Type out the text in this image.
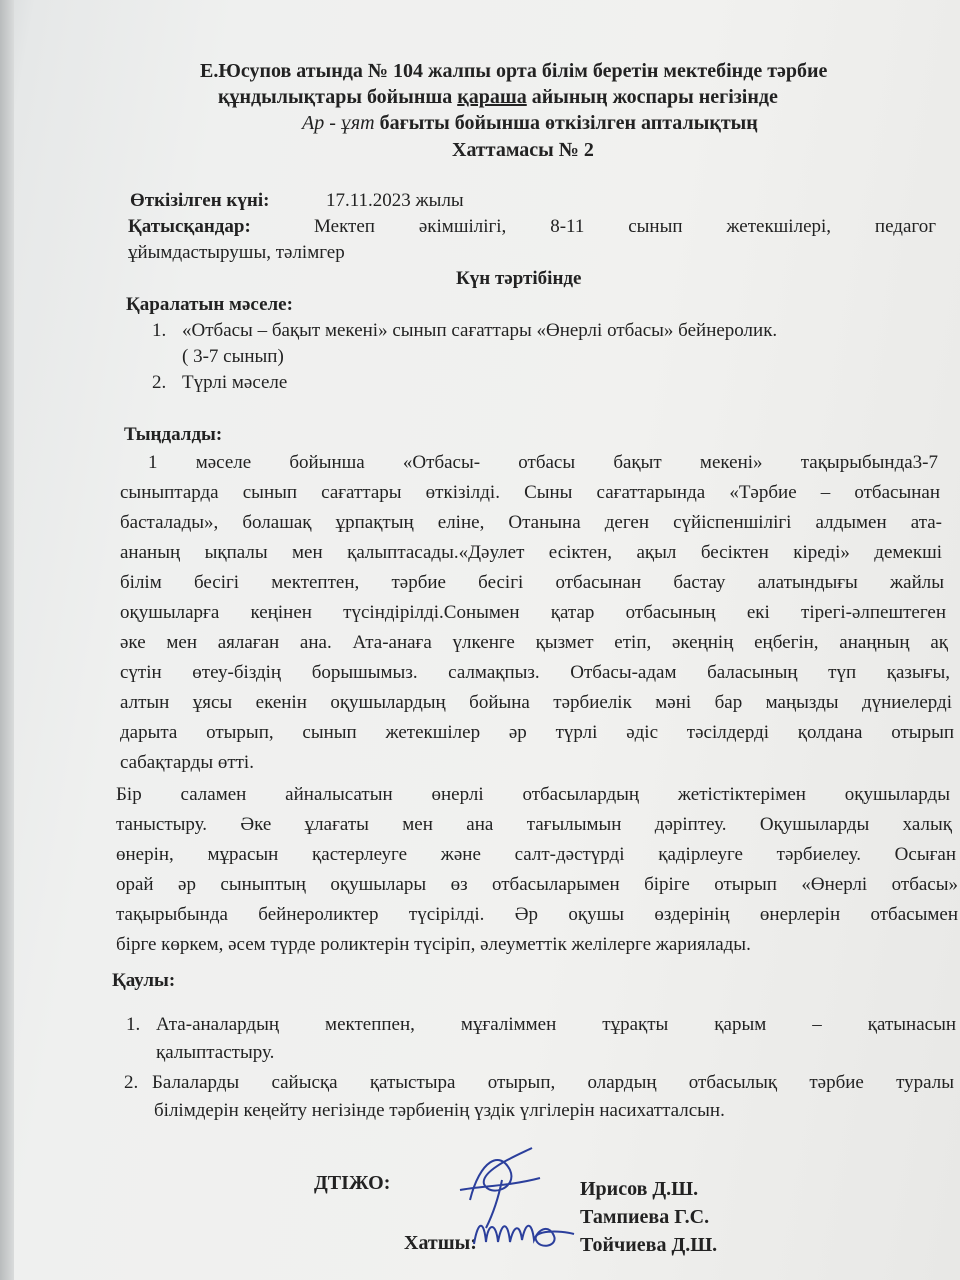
Е.Юсупов атында № 104 жалпы орта білім беретін мектебінде тәрбие
құндылықтары бойынша қараша айының жоспары негізінде
Ар - ұят бағыты бойынша өткізілген апталықтың
Хаттамасы № 2
Өткізілген күні:	17.11.2023 жылы
Қатысқандар:	Мектеп әкімшілігі, 8-11 сынып жетекшілері, педагог
ұйымдастырушы, тәлімгер
Күн тәртібінде
Қаралатын мәселе:
1. «Отбасы – бақыт мекені» сынып сағаттары «Өнерлі отбасы» бейнеролик.
( 3-7 сынып)
2. Түрлі мәселе
Тыңдалды:
1 мәселе бойынша «Отбасы- отбасы бақыт мекені» тақырыбында3-7
сыныптарда сынып сағаттары өткізілді. Сыны сағаттарында «Тәрбие – отбасынан
басталады», болашақ ұрпақтың еліне, Отанына деген сүйіспеншілігі алдымен ата-
ананың ықпалы мен қалыптасады.«Дәулет есіктен, ақыл бесіктен кіреді» демекші
білім бесігі мектептен, тәрбие бесігі отбасынан бастау алатындығы жайлы
оқушыларға кеңінен түсіндірілді.Сонымен қатар отбасының екі тірегі-әлпештеген
әке мен аялаған ана. Ата-анаға үлкенге қызмет етіп, әкеңнің еңбегін, анаңның ақ
сүтін өтеу-біздің борышымыз. салмақпыз. Отбасы-адам баласының түп қазығы,
алтын ұясы екенін оқушылардың бойына тәрбиелік мәні бар маңызды дүниелерді
дарыта отырып, сынып жетекшілер әр түрлі әдіс тәсілдерді қолдана отырып
сабақтарды өтті.
Бір саламен айналысатын өнерлі отбасылардың жетістіктерімен оқушыларды
таныстыру. Әке ұлағаты мен ана тағылымын дәріптеу. Оқушыларды халық
өнерін, мұрасын қастерлеуге және салт-дәстүрді қадірлеуге тәрбиелеу. Осыған
орай әр сыныптың оқушылары өз отбасыларымен біріге отырып «Өнерлі отбасы»
тақырыбында бейнероликтер түсірілді. Әр оқушы өздерінің өнерлерін отбасымен
бірге көркем, әсем түрде роликтерін түсіріп, әлеуметтік желілерге жариялады.
Қаулы:
1. Ата-аналардың мектеппен, мұғаліммен тұрақты қарым – қатынасын
қалыптастыру.
2. Балаларды сайысқа қатыстыра отырып, олардың отбасылық тәрбие туралы
білімдерін кеңейту негізінде тәрбиенің үздік үлгілерін насихатталсын.
ДТІЖО:
Хатшы:
Ирисов Д.Ш.
Тампиева Г.С.
Тойчиева Д.Ш.
